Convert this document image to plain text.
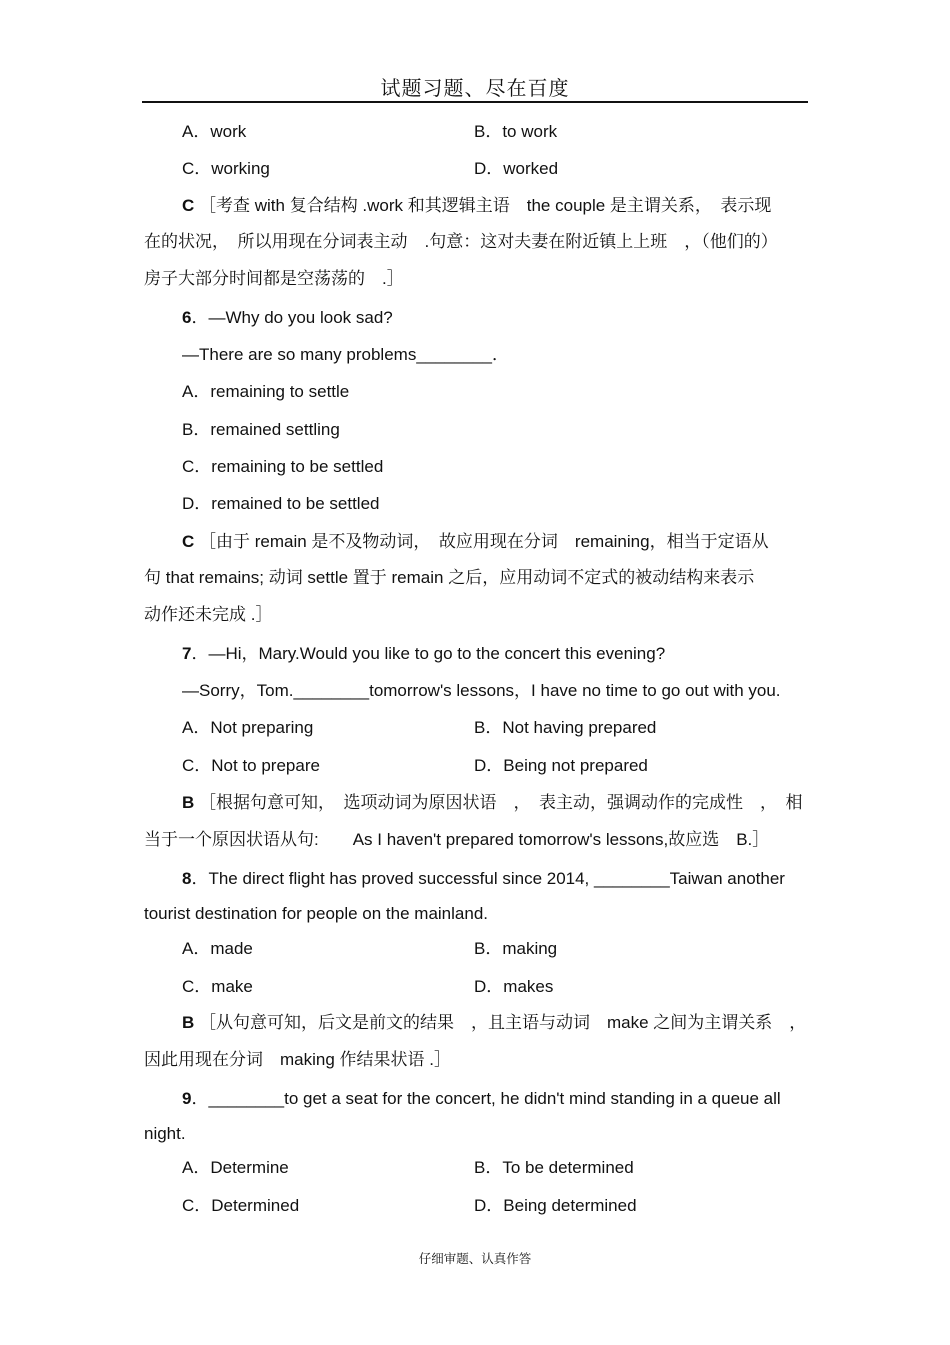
试题习题、尽在百度
A．work	B．to work
C．working	D．worked
C ［考查 with 复合结构 .work 和其逻辑主语　the couple 是主谓关系，　表示现
在的状况，　所以用现在分词表主动　.句意：这对夫妻在附近镇上上班　，（他们的）
房子大部分时间都是空荡荡的　.］
6．—Why do you look sad?
—There are so many problems________．
A．remaining to settle
B．remained settling
C．remaining to be settled
D．remained to be settled
C ［由于 remain 是不及物动词，　故应用现在分词　remaining，相当于定语从
句 that remains; 动词 settle 置于 remain 之后，应用动词不定式的被动结构来表示
动作还未完成 .］
7．—Hi，Mary.Would you like to go to the concert this evening?
—Sorry，Tom.________tomorrow's lessons，I have no time to go out with you.
A．Not preparing	B．Not having prepared
C．Not to prepare	D．Being not prepared
B ［根据句意可知，　选项动词为原因状语　，　表主动，强调动作的完成性　，　相
当于一个原因状语从句:　　As I haven't prepared tomorrow's lessons,故应选　B.］
8．The direct flight has proved successful since 2014, ________Taiwan another
tourist destination for people on the mainland.
A．made	B．making
C．make	D．makes
B ［从句意可知，后文是前文的结果　，且主语与动词　make 之间为主谓关系　，
因此用现在分词　making 作结果状语 .］
9．________to get a seat for the concert, he didn't mind standing in a queue all
night.
A．Determine	B．To be determined
C．Determined	D．Being determined
仔细审题、认真作答
